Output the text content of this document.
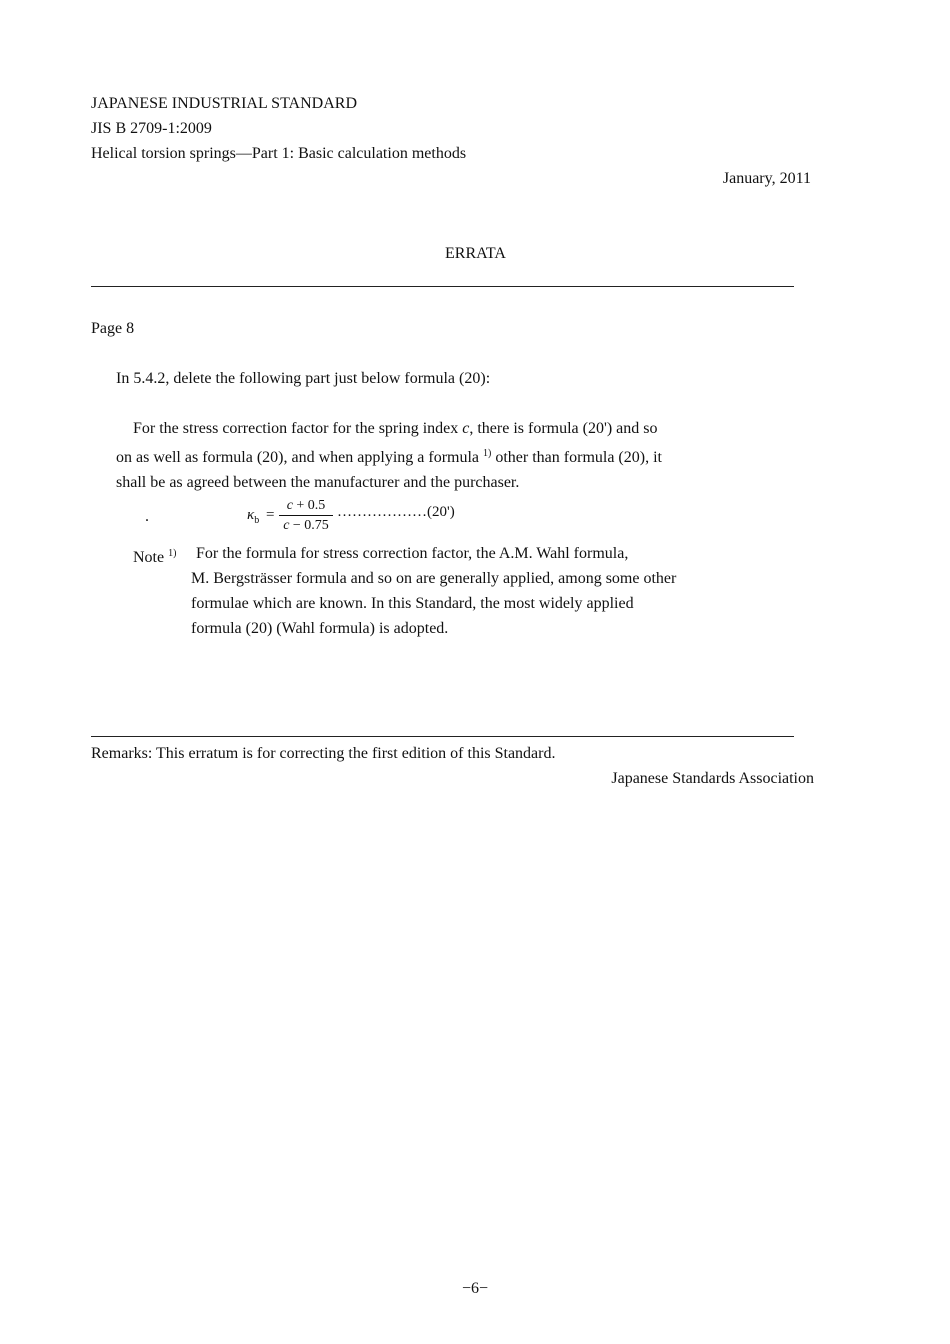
JAPANESE INDUSTRIAL STANDARD
JIS B 2709-1:2009
Helical torsion springs—Part 1: Basic calculation methods
January, 2011
ERRATA
Page 8
In 5.4.2, delete the following part just below formula (20):
For the stress correction factor for the spring index c, there is formula (20') and so
on as well as formula (20), and when applying a formula $^{1)}$ other than formula (20), it
shall be as agreed between the manufacturer and the purchaser.
.	$\kappa_b = \frac{c + 0.5}{c - 0.75}$ ………………(20')
Note $^{1)}$ For the formula for stress correction factor, the A.M. Wahl formula,
M. Bergsträsser formula and so on are generally applied, among some other
formulae which are known. In this Standard, the most widely applied
formula (20) (Wahl formula) is adopted.
Remarks: This erratum is for correcting the first edition of this Standard.
Japanese Standards Association
−6−
